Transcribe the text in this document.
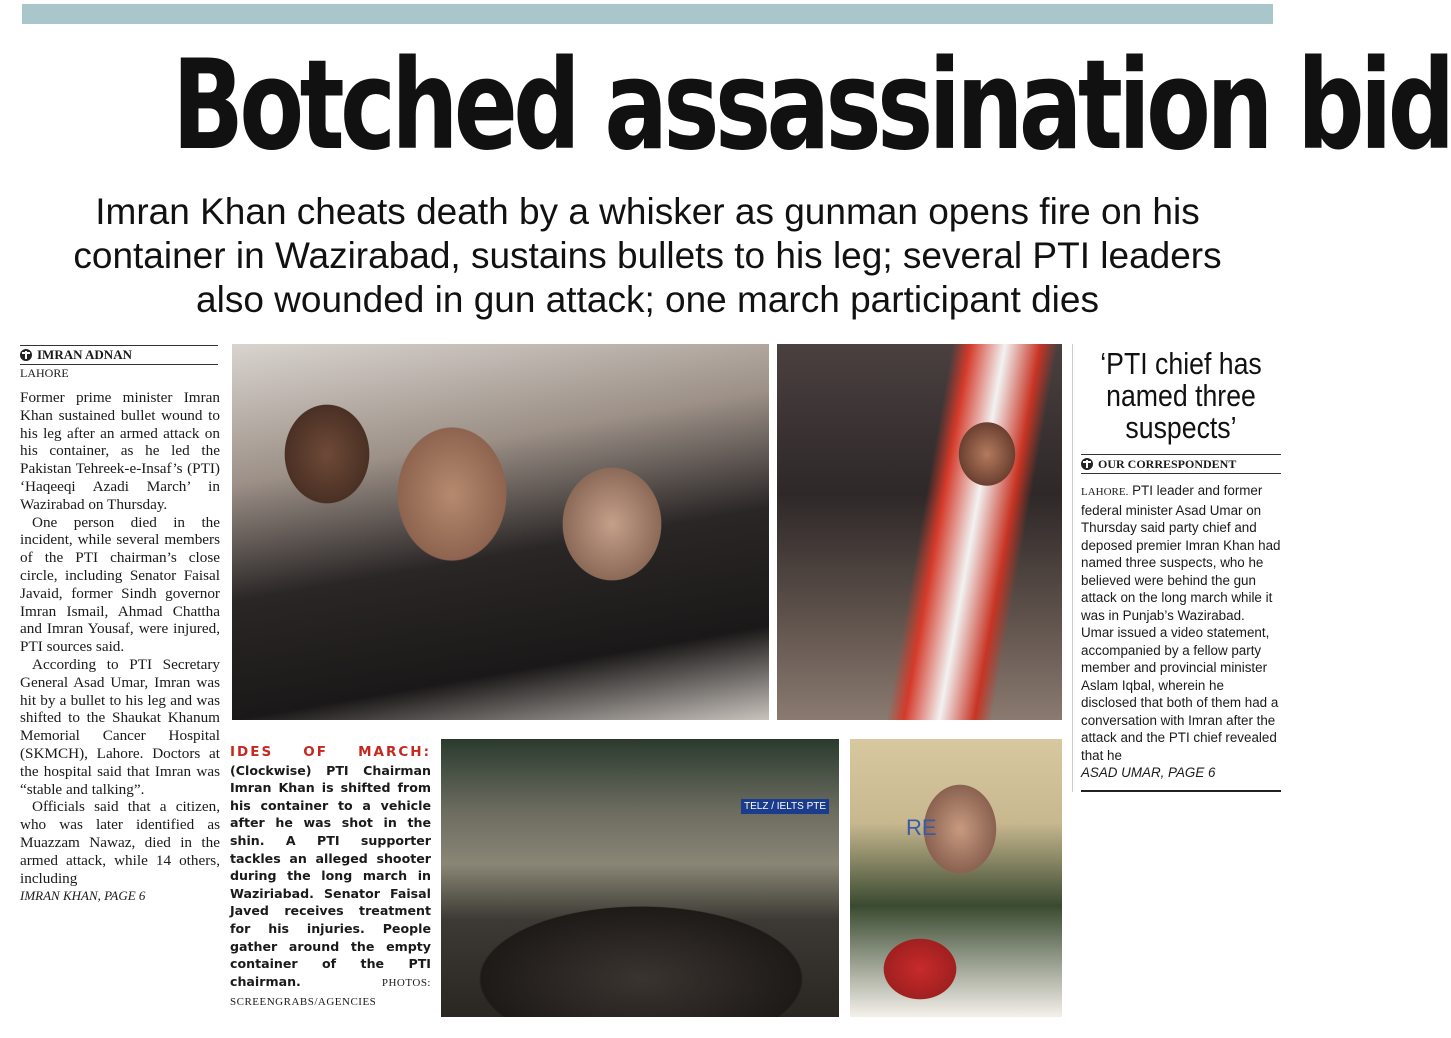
Botched assassination bid
Imran Khan cheats death by a whisker as gunman opens fire on his
container in Wazirabad, sustains bullets to his leg; several PTI leaders
also wounded in gun attack; one march participant dies
IMRAN ADNAN
LAHORE

Former prime minister Imran Khan sustained bullet wound to his leg after an armed attack on his container, as he led the Pakistan Tehreek-e-Insaf’s (PTI) ‘Haqeeqi Azadi March’ in Wazirabad on Thursday.

One person died in the incident, while several members of the PTI chairman’s close circle, including Senator Faisal Javaid, former Sindh governor Imran Ismail, Ahmad Chattha and Imran Yousaf, were injured, PTI sources said.

According to PTI Secretary General Asad Umar, Imran was hit by a bullet to his leg and was shifted to the Shaukat Khanum Memorial Cancer Hospital (SKMCH), Lahore. Doctors at the hospital said that Imran was “stable and talking”.

Officials said that a citizen, who was later identified as Muazzam Nawaz, died in the armed attack, while 14 others, including

IMRAN KHAN, PAGE 6
TELZ / IELTS PTE
RE
IDES OF MARCH: (Clockwise) PTI Chairman Imran Khan is shifted from his container to a vehicle after he was shot in the shin. A PTI supporter tackles an alleged shooter during the long march in Waziriabad. Senator Faisal Javed receives treatment for his injuries. People gather around the empty container of the PTI chairman.	PHOTOS: SCREENGRABS/AGENCIES
‘PTI chief has named three suspects’
OUR CORRESPONDENT

LAHORE. PTI leader and former federal minister Asad Umar on Thursday said party chief and deposed premier Imran Khan had named three suspects, who he believed were behind the gun attack on the long march while it was in Punjab’s Wazirabad. Umar issued a video statement, accompanied by a fellow party member and provincial minister Aslam Iqbal, wherein he disclosed that both of them had a conversation with Imran after the attack and the PTI chief revealed that he

ASAD UMAR, PAGE 6
